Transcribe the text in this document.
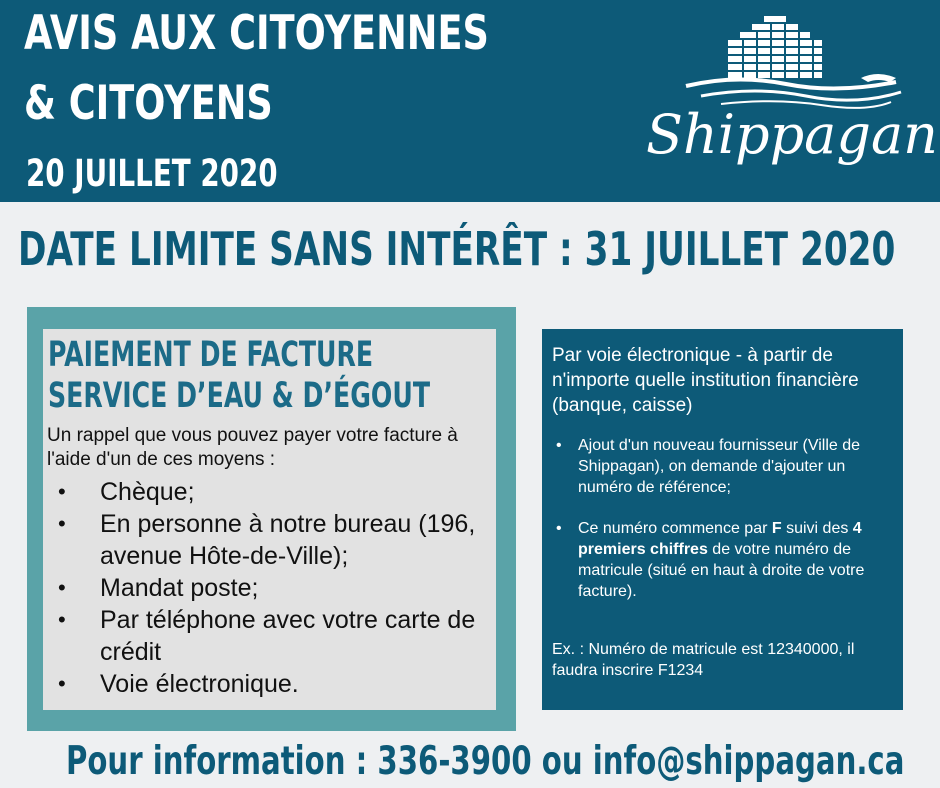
AVIS AUX CITOYENNES
& CITOYENS
20 JUILLET 2020
Shippagan
DATE LIMITE SANS INTÉRÊT : 31 JUILLET 2020
PAIEMENT DE FACTURE
SERVICE D’EAU & D’ÉGOUT
Un rappel que vous pouvez payer votre facture à l'aide d'un de ces moyens :
• Chèque;
• En personne à notre bureau (196, avenue Hôte-de-Ville);
• Mandat poste;
• Par téléphone avec votre carte de crédit
• Voie électronique.
Par voie électronique - à partir de n'importe quelle institution financière (banque, caisse)
• Ajout d'un nouveau fournisseur (Ville de Shippagan), on demande d'ajouter un numéro de référence;
• Ce numéro commence par F suivi des 4 premiers chiffres de votre numéro de matricule (situé en haut à droite de votre facture).
Ex. : Numéro de matricule est 12340000, il faudra inscrire F1234
Pour information : 336-3900 ou info@shippagan.ca
